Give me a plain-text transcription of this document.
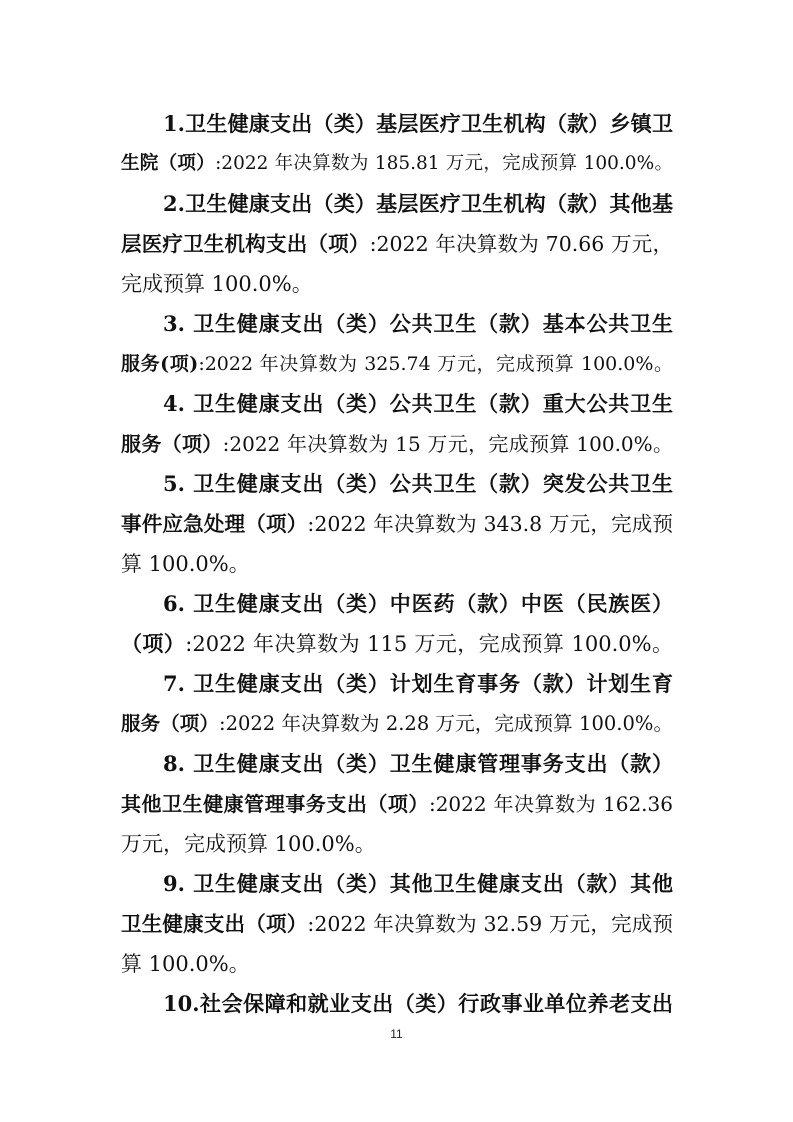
1.卫生健康支出（类）基层医疗卫生机构（款）乡镇卫
生院（项）:2022 年决算数为 185.81 万元，完成预算 100.0%。
2.卫生健康支出（类）基层医疗卫生机构（款）其他基
层医疗卫生机构支出（项）:2022 年决算数为 70.66 万元，
完成预算 100.0%。
3. 卫生健康支出（类）公共卫生（款）基本公共卫生
服务(项):2022 年决算数为 325.74 万元，完成预算 100.0%。
4. 卫生健康支出（类）公共卫生（款）重大公共卫生
服务（项）:2022 年决算数为 15 万元，完成预算 100.0%。
5. 卫生健康支出（类）公共卫生（款）突发公共卫生
事件应急处理（项）:2022 年决算数为 343.8 万元，完成预
算 100.0%。
6. 卫生健康支出（类）中医药（款）中医（民族医）
（项）:2022 年决算数为 115 万元，完成预算 100.0%。
7. 卫生健康支出（类）计划生育事务（款）计划生育
服务（项）:2022 年决算数为 2.28 万元，完成预算 100.0%。
8. 卫生健康支出（类）卫生健康管理事务支出（款）
其他卫生健康管理事务支出（项）:2022 年决算数为 162.36
万元，完成预算 100.0%。
9. 卫生健康支出（类）其他卫生健康支出（款）其他
卫生健康支出（项）:2022 年决算数为 32.59 万元，完成预
算 100.0%。
10.社会保障和就业支出（类）行政事业单位养老支出
11
